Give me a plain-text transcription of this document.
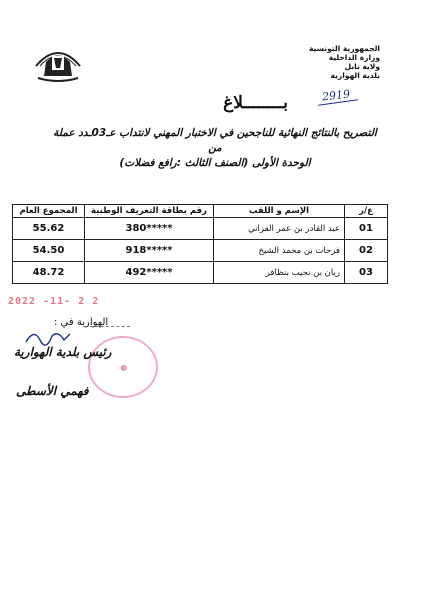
الجمهورية التونسية
وزارة الداخلية
ولاية نابل
بلدية الهوارية
2919
بــــــــلاغ
التصريح بالنتائج النهائية للناجحين في الاختبار المهني لانتداب عـ03ـدد عملة من
الوحدة الأولى (الصنف الثالث :رافع فضلات)
ع/ر	الإسم و اللقب	رقم بطاقة التعريف الوطنية	المجموع العام
01	عبد القادر بن عمر الفزاني	380*****	55.62
02	فرحات بن محمد الشيخ	918*****	54.50
03	ريان بن نجيب بنظافر	492*****	48.72
2022 -11- 2 2
الهوارية في :
●
رئيس بلدية الهوارية
فهمي الأسطى
